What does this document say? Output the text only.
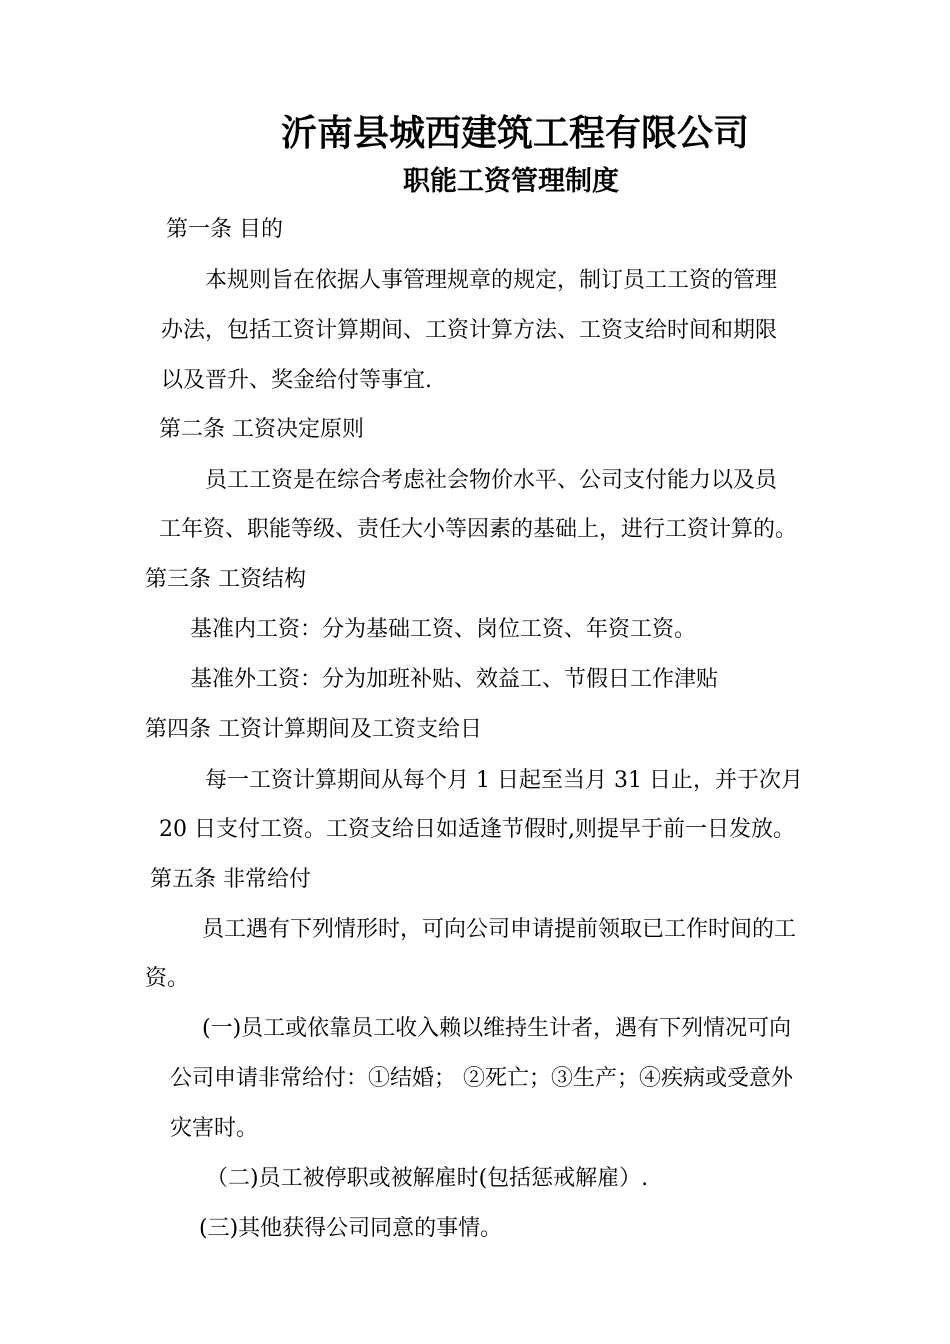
沂南县城西建筑工程有限公司
职能工资管理制度
第一条 目的
本规则旨在依据人事管理规章的规定，制订员工工资的管理
办法，包括工资计算期间、工资计算方法、工资支给时间和期限
以及晋升、奖金给付等事宜.
第二条 工资决定原则
员工工资是在综合考虑社会物价水平、公司支付能力以及员
工年资、职能等级、责任大小等因素的基础上，进行工资计算的。
第三条 工资结构
基准内工资：分为基础工资、岗位工资、年资工资。
基准外工资：分为加班补贴、效益工、节假日工作津贴
第四条 工资计算期间及工资支给日
每一工资计算期间从每个月 1 日起至当月 31 日止，并于次月
20 日支付工资。工资支给日如适逢节假时,则提早于前一日发放。
第五条 非常给付
员工遇有下列情形时，可向公司申请提前领取已工作时间的工
资。
(一)员工或依靠员工收入赖以维持生计者，遇有下列情况可向
公司申请非常给付：①结婚； ②死亡；③生产；④疾病或受意外
灾害时。
（二)员工被停职或被解雇时(包括惩戒解雇）.
(三)其他获得公司同意的事情。
